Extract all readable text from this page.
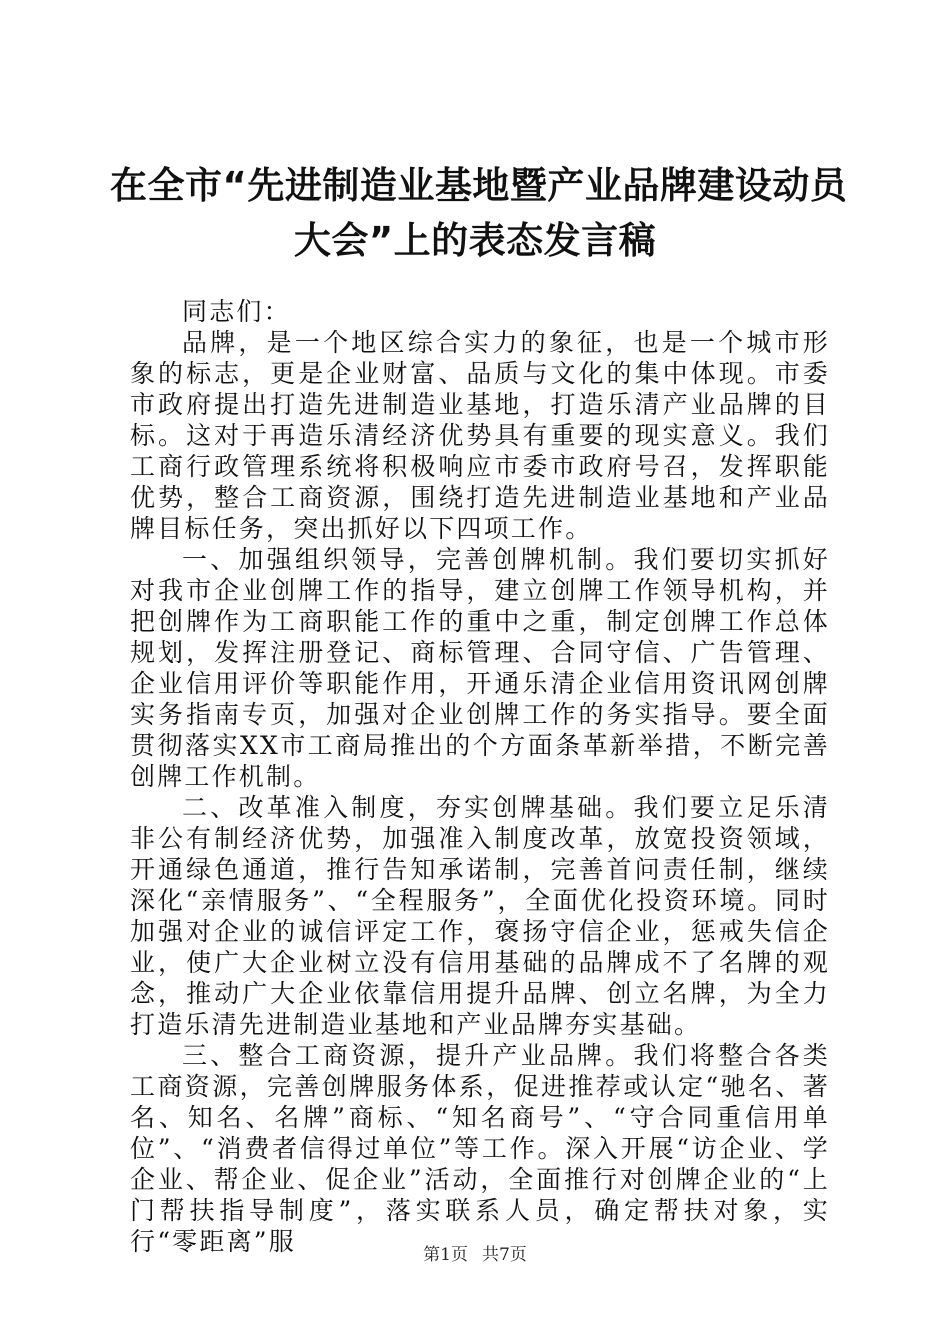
在全市“先进制造业基地暨产业品牌建设动员
大会”上的表态发言稿

同志们：

品牌，是一个地区综合实力的象征，也是一个城市形象的标志，更是企业财富、品质与文化的集中体现。市委市政府提出打造先进制造业基地，打造乐清产业品牌的目标。这对于再造乐清经济优势具有重要的现实意义。我们工商行政管理系统将积极响应市委市政府号召，发挥职能优势，整合工商资源，围绕打造先进制造业基地和产业品牌目标任务，突出抓好以下四项工作。

一、加强组织领导，完善创牌机制。我们要切实抓好对我市企业创牌工作的指导，建立创牌工作领导机构，并把创牌作为工商职能工作的重中之重，制定创牌工作总体规划，发挥注册登记、商标管理、合同守信、广告管理、企业信用评价等职能作用，开通乐清企业信用资讯网创牌实务指南专页，加强对企业创牌工作的务实指导。要全面贯彻落实XX市工商局推出的个方面条革新举措，不断完善创牌工作机制。

二、改革准入制度，夯实创牌基础。我们要立足乐清非公有制经济优势，加强准入制度改革，放宽投资领域，开通绿色通道，推行告知承诺制，完善首问责任制，继续深化“亲情服务”、“全程服务”，全面优化投资环境。同时加强对企业的诚信评定工作，褒扬守信企业，惩戒失信企业，使广大企业树立没有信用基础的品牌成不了名牌的观念，推动广大企业依靠信用提升品牌、创立名牌，为全力打造乐清先进制造业基地和产业品牌夯实基础。

三、整合工商资源，提升产业品牌。我们将整合各类工商资源，完善创牌服务体系，促进推荐或认定“驰名、著名、知名、名牌”商标、“知名商号”、“守合同重信用单位”、“消费者信得过单位”等工作。深入开展“访企业、学企业、帮企业、促企业”活动，全面推行对创牌企业的“上门帮扶指导制度”，落实联系人员，确定帮扶对象，实行“零距离”服	第1页 共7页
